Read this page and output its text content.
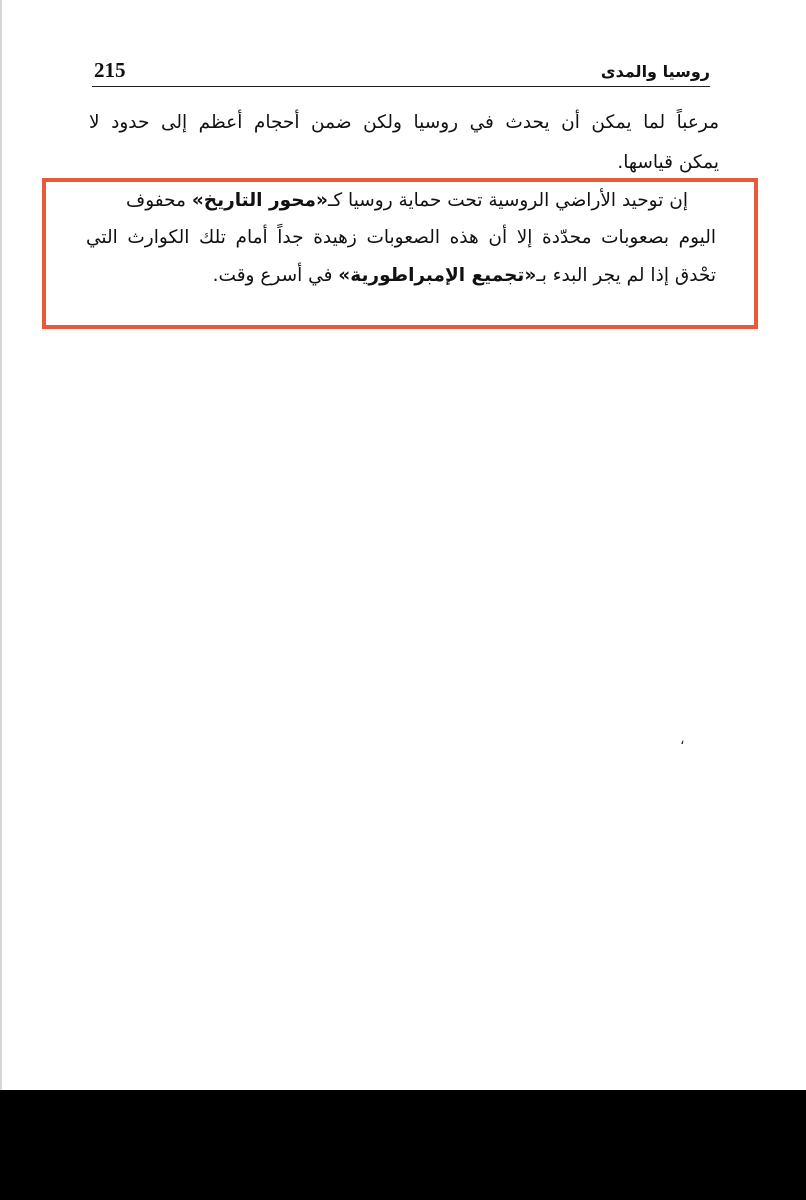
215	روسيا والمدى
مرعباً لما يمكن أن يحدث في روسيا ولكن ضمن أحجام أعظم إلى حدود لا
يمكن قياسها.
إن توحيد الأراضي الروسية تحت حماية روسيا كـ«محور التاريخ» محفوف
اليوم بصعوبات محدّدة إلا أن هذه الصعوبات زهيدة جداً أمام تلك الكوارث التي
تحْدق إذا لم يجر البدء بـ«تجميع الإمبراطورية» في أسرع وقت.
،
